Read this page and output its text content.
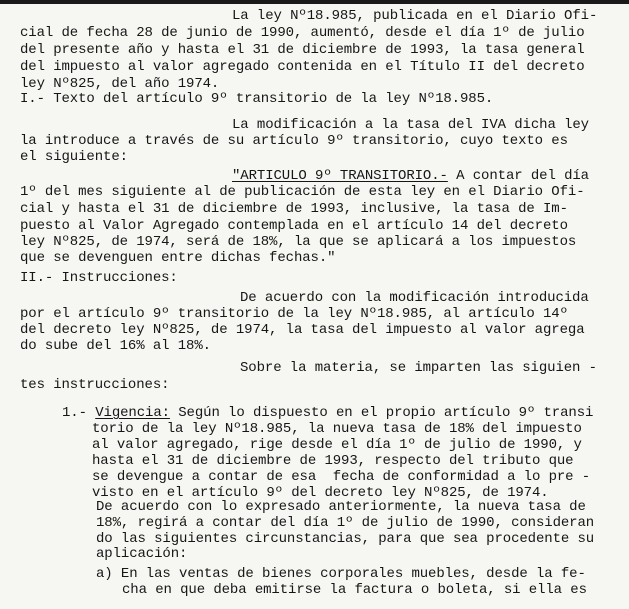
La ley Nº18.985, publicada en el Diario Ofi-
cial de fecha 28 de junio de 1990, aumentó, desde el día 1º de julio
del presente año y hasta el 31 de diciembre de 1993, la tasa general
del impuesto al valor agregado contenida en el Título II del decreto
ley Nº825, del año 1974.
I.- Texto del artículo 9º transitorio de la ley Nº18.985.
La modificación a la tasa del IVA dicha ley
la introduce a través de su artículo 9º transitorio, cuyo texto es
el siguiente:
"ARTICULO 9º TRANSITORIO.- A contar del día
1º del mes siguiente al de publicación de esta ley en el Diario Ofi-
cial y hasta el 31 de diciembre de 1993, inclusive, la tasa de Im-
puesto al Valor Agregado contemplada en el artículo 14 del decreto
ley Nº825, de 1974, será de 18%, la que se aplicará a los impuestos
que se devenguen entre dichas fechas."
II.- Instrucciones:
De acuerdo con la modificación introducida
por el artículo 9º transitorio de la ley Nº18.985, al artículo 14º
del decreto ley Nº825, de 1974, la tasa del impuesto al valor agrega
do sube del 16% al 18%.
Sobre la materia, se imparten las siguien -
tes instrucciones:
1.- Vigencia: Según lo dispuesto en el propio artículo 9º transi
torio de la ley Nº18.985, la nueva tasa de 18% del impuesto
al valor agregado, rige desde el día 1º de julio de 1990, y
hasta el 31 de diciembre de 1993, respecto del tributo que
se devengue a contar de esa  fecha de conformidad a lo pre -
visto en el artículo 9º del decreto ley Nº825, de 1974.
De acuerdo con lo expresado anteriormente, la nueva tasa de
18%, regirá a contar del día 1º de julio de 1990, consideran
do las siguientes circunstancias, para que sea procedente su
aplicación:
a) En las ventas de bienes corporales muebles, desde la fe-
cha en que deba emitirse la factura o boleta, si ella es
